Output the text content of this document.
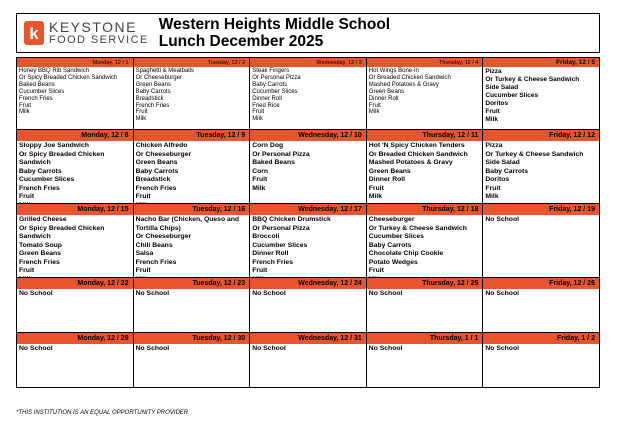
k KEYSTONE
FOOD SERVICE
Western Heights Middle School
Lunch December 2025
Monday, 12 / 1
Honey BBQ Rib Sandwich
Or Spicy Breaded Chicken Sandwich
Baked Beans
Cucumber Slices
French Fries
Fruit
Milk
Tuesday, 12 / 2
Spaghetti & Meatballs
Or Cheeseburger
Green Beans
Baby Carrots
Breadstick
French Fries
Fruit
Milk
Wednesday, 12 / 3
Steak Fingers
Or Personal Pizza
Baby Carrots
Cucumber Slices
Dinner Roll
Fried Rice
Fruit
Milk
Thursday, 12 / 4
Hot Wings Bone-in
Or Breaded Chicken Sandwich
Mashed Potatoes & Gravy
Green Beans
Dinner Roll
Fruit
Milk
Friday, 12 / 5
Pizza
Or Turkey & Cheese Sandwich
Side Salad
Cucumber Slices
Doritos
Fruit
Milk
Monday, 12 / 8
Sloppy Joe Sandwich
Or Spicy Breaded Chicken
Sandwich
Baby Carrots
Cucumber Slices
French Fries
Fruit
Tuesday, 12 / 9
Chicken Alfredo
Or Cheeseburger
Green Beans
Baby Carrots
Breadstick
French Fries
Fruit
Wednesday, 12 / 10
Corn Dog
Or Personal Pizza
Baked Beans
Corn
Fruit
Milk
Thursday, 12 / 11
Hot 'N Spicy Chicken Tenders
Or Breaded Chicken Sandwich
Mashed Potatoes & Gravy
Green Beans
Dinner Roll
Fruit
Milk
Friday, 12 / 12
Pizza
Or Turkey & Cheese Sandwich
Side Salad
Baby Carrots
Doritos
Fruit
Milk
Monday, 12 / 15
Grilled Cheese
Or Spicy Breaded Chicken
Sandwich
Tomato Soup
Green Beans
French Fries
Fruit
Tuesday, 12 / 16
Nacho Bar (Chicken, Queso and
Tortilla Chips)
Or Cheeseburger
Chili Beans
Salsa
French Fries
Fruit
Wednesday, 12 / 17
BBQ Chicken Drumstick
Or Personal Pizza
Broccoli
Cucumber Slices
Dinner Roll
French Fries
Fruit
Thursday, 12 / 18
Cheeseburger
Or Turkey & Cheese Sandwich
Cucumber Slices
Baby Carrots
Chocolate Chip Cookie
Potato Wedges
Fruit
Friday, 12 / 19
No School
Monday, 12 / 22
No School
Tuesday, 12 / 23
No School
Wednesday, 12 / 24
No School
Thursday, 12 / 25
No School
Friday, 12 / 26
No School
Monday, 12 / 29
No School
Tuesday, 12 / 30
No School
Wednesday, 12 / 31
No School
Thursday, 1 / 1
No School
Friday, 1 / 2
No School
*THIS INSTITUTION IS AN EQUAL OPPORTUNITY PROVIDER
